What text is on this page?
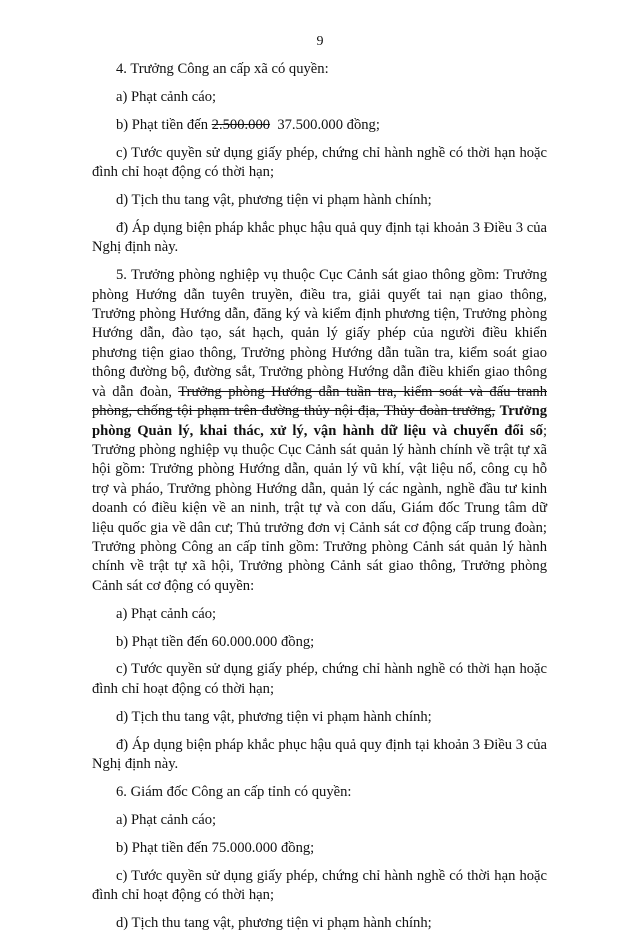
9

4. Trưởng Công an cấp xã có quyền:

a) Phạt cảnh cáo;

b) Phạt tiền đến 2.500.000  37.500.000 đồng;

c) Tước quyền sử dụng giấy phép, chứng chỉ hành nghề có thời hạn hoặc đình chỉ hoạt động có thời hạn;

d) Tịch thu tang vật, phương tiện vi phạm hành chính;

đ) Áp dụng biện pháp khắc phục hậu quả quy định tại khoản 3 Điều 3 của Nghị định này.

5. Trưởng phòng nghiệp vụ thuộc Cục Cảnh sát giao thông gồm: Trưởng phòng Hướng dẫn tuyên truyền, điều tra, giải quyết tai nạn giao thông, Trưởng phòng Hướng dẫn, đăng ký và kiểm định phương tiện, Trưởng phòng Hướng dẫn, đào tạo, sát hạch, quản lý giấy phép của người điều khiển phương tiện giao thông, Trưởng phòng Hướng dẫn tuần tra, kiểm soát giao thông đường bộ, đường sắt, Trưởng phòng Hướng dẫn điều khiển giao thông và dẫn đoàn, Trưởng phòng Hướng dẫn tuần tra, kiểm soát và đấu tranh phòng, chống tội phạm trên đường thủy nội địa, Thủy đoàn trưởng, Trưởng phòng Quản lý, khai thác, xử lý, vận hành dữ liệu và chuyển đổi số; Trưởng phòng nghiệp vụ thuộc Cục Cảnh sát quản lý hành chính về trật tự xã hội gồm: Trưởng phòng Hướng dẫn, quản lý vũ khí, vật liệu nổ, công cụ hỗ trợ và pháo, Trưởng phòng Hướng dẫn, quản lý các ngành, nghề đầu tư kinh doanh có điều kiện về an ninh, trật tự và con dấu, Giám đốc Trung tâm dữ liệu quốc gia về dân cư; Thủ trưởng đơn vị Cảnh sát cơ động cấp trung đoàn; Trưởng phòng Công an cấp tỉnh gồm: Trưởng phòng Cảnh sát quản lý hành chính về trật tự xã hội, Trưởng phòng Cảnh sát giao thông, Trưởng phòng Cảnh sát cơ động có quyền:

a) Phạt cảnh cáo;

b) Phạt tiền đến 60.000.000 đồng;

c) Tước quyền sử dụng giấy phép, chứng chỉ hành nghề có thời hạn hoặc đình chỉ hoạt động có thời hạn;

d) Tịch thu tang vật, phương tiện vi phạm hành chính;

đ) Áp dụng biện pháp khắc phục hậu quả quy định tại khoản 3 Điều 3 của Nghị định này.

6. Giám đốc Công an cấp tỉnh có quyền:

a) Phạt cảnh cáo;

b) Phạt tiền đến 75.000.000 đồng;

c) Tước quyền sử dụng giấy phép, chứng chỉ hành nghề có thời hạn hoặc đình chỉ hoạt động có thời hạn;

d) Tịch thu tang vật, phương tiện vi phạm hành chính;
